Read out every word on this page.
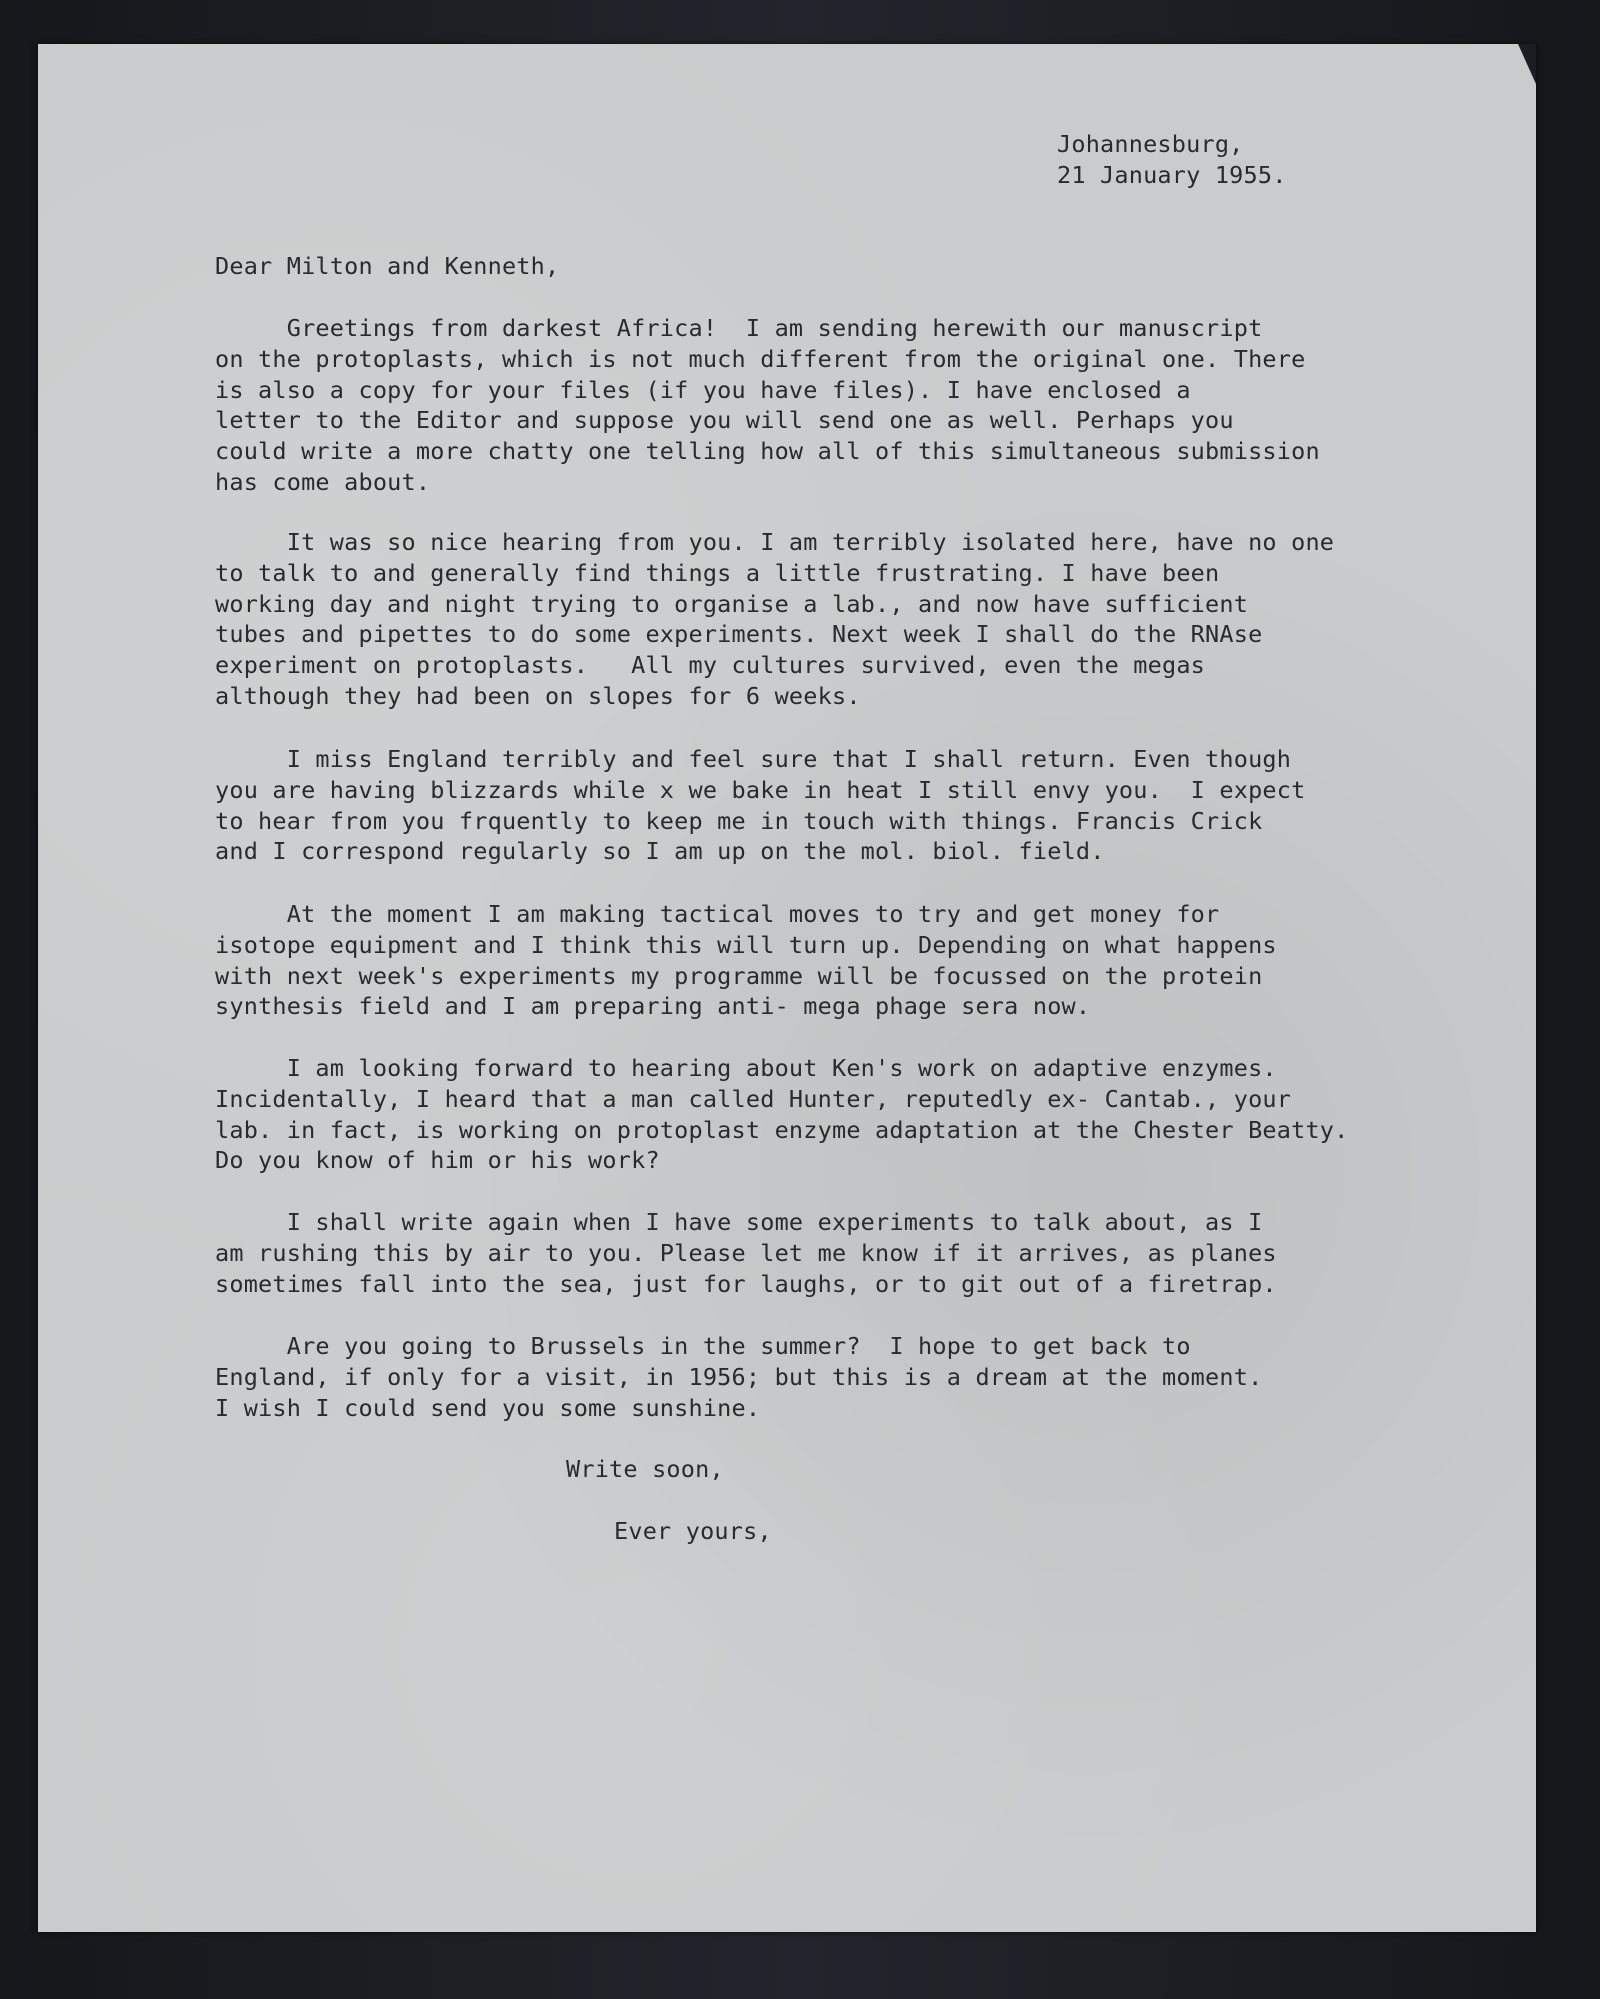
Johannesburg,
21 January 1955.
Dear Milton and Kenneth,
Greetings from darkest Africa!  I am sending herewith our manuscript
on the protoplasts, which is not much different from the original one. There
is also a copy for your files (if you have files). I have enclosed a
letter to the Editor and suppose you will send one as well. Perhaps you
could write a more chatty one telling how all of this simultaneous submission
has come about.
It was so nice hearing from you. I am terribly isolated here, have no one
to talk to and generally find things a little frustrating. I have been
working day and night trying to organise a lab., and now have sufficient
tubes and pipettes to do some experiments. Next week I shall do the RNAse
experiment on protoplasts.   All my cultures survived, even the megas
although they had been on slopes for 6 weeks.
I miss England terribly and feel sure that I shall return. Even though
you are having blizzards while x we bake in heat I still envy you.  I expect
to hear from you frquently to keep me in touch with things. Francis Crick
and I correspond regularly so I am up on the mol. biol. field.
At the moment I am making tactical moves to try and get money for
isotope equipment and I think this will turn up. Depending on what happens
with next week's experiments my programme will be focussed on the protein
synthesis field and I am preparing anti- mega phage sera now.
I am looking forward to hearing about Ken's work on adaptive enzymes.
Incidentally, I heard that a man called Hunter, reputedly ex- Cantab., your
lab. in fact, is working on protoplast enzyme adaptation at the Chester Beatty.
Do you know of him or his work?
I shall write again when I have some experiments to talk about, as I
am rushing this by air to you. Please let me know if it arrives, as planes
sometimes fall into the sea, just for laughs, or to git out of a firetrap.
Are you going to Brussels in the summer?  I hope to get back to
England, if only for a visit, in 1956; but this is a dream at the moment.
I wish I could send you some sunshine.
Write soon,
Ever yours,
